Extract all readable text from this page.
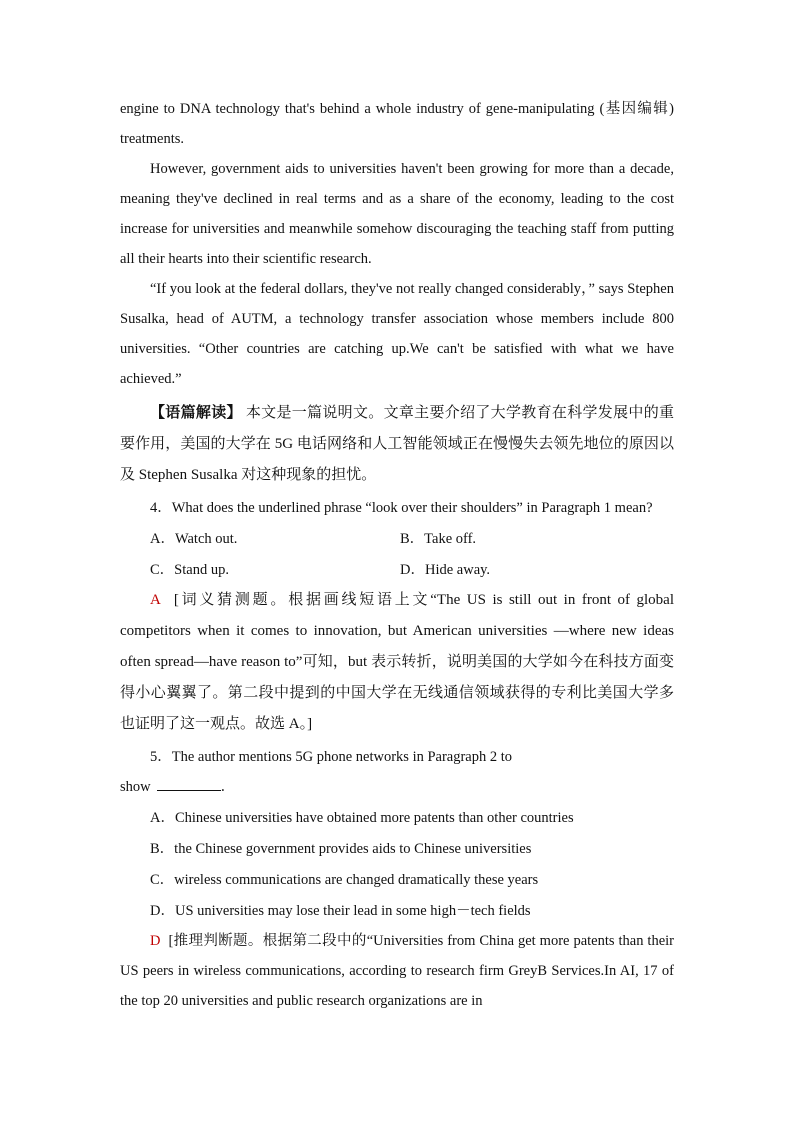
engine to DNA technology that's behind a whole industry of gene-manipulating (基因编辑) treatments.

However, government aids to universities haven't been growing for more than a decade, meaning they've declined in real terms and as a share of the economy, leading to the cost increase for universities and meanwhile somehow discouraging the teaching staff from putting all their hearts into their scientific research.

“If you look at the federal dollars, they've not really changed considerably，” says Stephen Susalka, head of AUTM, a technology transfer association whose members include 800 universities. “Other countries are catching up.We can't be satisfied with what we have achieved.”

【语篇解读】 本文是一篇说明文。文章主要介绍了大学教育在科学发展中的重要作用，美国的大学在 5G 电话网络和人工智能领域正在慢慢失去领先地位的原因以及 Stephen Susalka 对这种现象的担忧。

4．What does the underlined phrase “look over their shoulders” in Paragraph 1 mean?

A．Watch out.	B．Take off.
C．Stand up.	D．Hide away.

A [词义猜测题。根据画线短语上文“The US is still out in front of global competitors when it comes to innovation, but American universities —where new ideas often spread—have reason to”可知，but 表示转折，说明美国的大学如今在科技方面变得小心翼翼了。第二段中提到的中国大学在无线通信领域获得的专利比美国大学多也证明了这一观点。故选 A。]

5．The author mentions 5G phone networks in Paragraph 2 to

show	．

A．Chinese universities have obtained more patents than other countries
B．the Chinese government provides aids to Chinese universities
C．wireless communications are changed dramatically these years
D．US universities may lose their lead in some high－tech fields

D [推理判断题。根据第二段中的“Universities from China get more patents than their US peers in wireless communications, according to research firm GreyB Services.In AI, 17 of the top 20 universities and public research organizations are in
